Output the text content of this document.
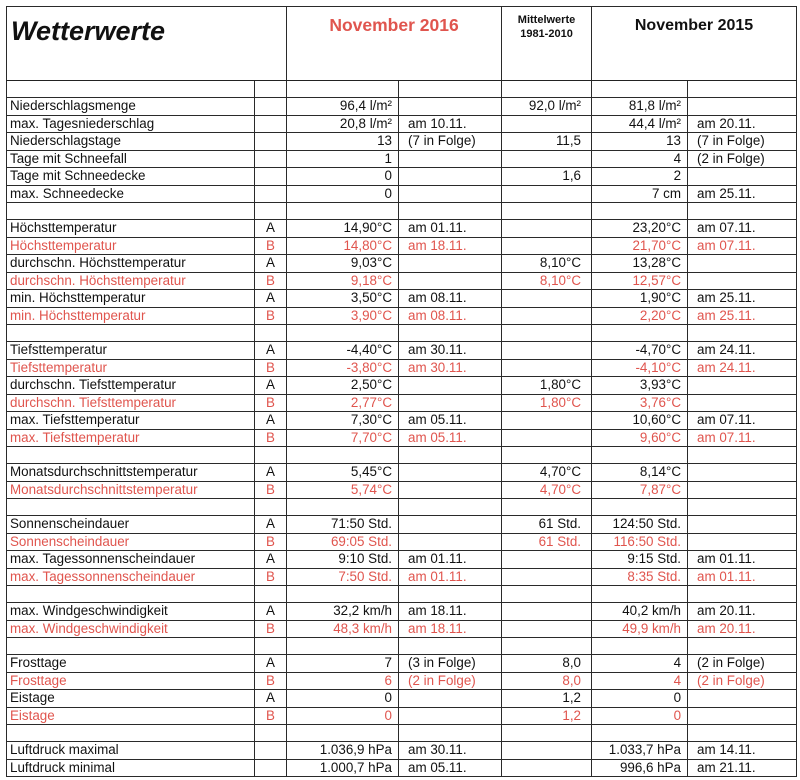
Wetterwerte		November 2016		Mittelwerte
1981-2010	November 2015	

Niederschlagsmenge		96,4 l/m²		92,0 l/m²	81,8 l/m²	
max. Tagesniederschlag		20,8 l/m²	am 10.11.		44,4 l/m²	am 20.11.
Niederschlagstage		13	(7 in Folge)	11,5	13	(7 in Folge)
Tage mit Schneefall		1			4	(2 in Folge)
Tage mit Schneedecke		0		1,6	2	
max. Schneedecke		0			7 cm	am 25.11.

Höchsttemperatur	A	14,90°C	am 01.11.		23,20°C	am 07.11.
Höchsttemperatur	B	14,80°C	am 18.11.		21,70°C	am 07.11.
durchschn. Höchsttemperatur	A	9,03°C		8,10°C	13,28°C	
durchschn. Höchsttemperatur	B	9,18°C		8,10°C	12,57°C	
min. Höchsttemperatur	A	3,50°C	am 08.11.		1,90°C	am 25.11.
min. Höchsttemperatur	B	3,90°C	am 08.11.		2,20°C	am 25.11.

Tiefsttemperatur	A	-4,40°C	am 30.11.		-4,70°C	am 24.11.
Tiefsttemperatur	B	-3,80°C	am 30.11.		-4,10°C	am 24.11.
durchschn. Tiefsttemperatur	A	2,50°C		1,80°C	3,93°C	
durchschn. Tiefsttemperatur	B	2,77°C		1,80°C	3,76°C	
max. Tiefsttemperatur	A	7,30°C	am 05.11.		10,60°C	am 07.11.
max. Tiefsttemperatur	B	7,70°C	am 05.11.		9,60°C	am 07.11.

Monatsdurchschnittstemperatur	A	5,45°C		4,70°C	8,14°C	
Monatsdurchschnittstemperatur	B	5,74°C		4,70°C	7,87°C	

Sonnenscheindauer	A	71:50 Std.		61 Std.	124:50 Std.	
Sonnenscheindauer	B	69:05 Std.		61 Std.	116:50 Std.	
max. Tagessonnenscheindauer	A	9:10 Std.	am 01.11.		9:15 Std.	am 01.11.
max. Tagessonnenscheindauer	B	7:50 Std.	am 01.11.		8:35 Std.	am 01.11.

max. Windgeschwindigkeit	A	32,2 km/h	am 18.11.		40,2 km/h	am 20.11.
max. Windgeschwindigkeit	B	48,3 km/h	am 18.11.		49,9 km/h	am 20.11.

Frosttage	A	7	(3 in Folge)	8,0	4	(2 in Folge)
Frosttage	B	6	(2 in Folge)	8,0	4	(2 in Folge)
Eistage	A	0		1,2	0	
Eistage	B	0		1,2	0	

Luftdruck maximal		1.036,9 hPa	am 30.11.		1.033,7 hPa	am 14.11.
Luftdruck minimal		1.000,7 hPa	am 05.11.		996,6 hPa	am 21.11.
